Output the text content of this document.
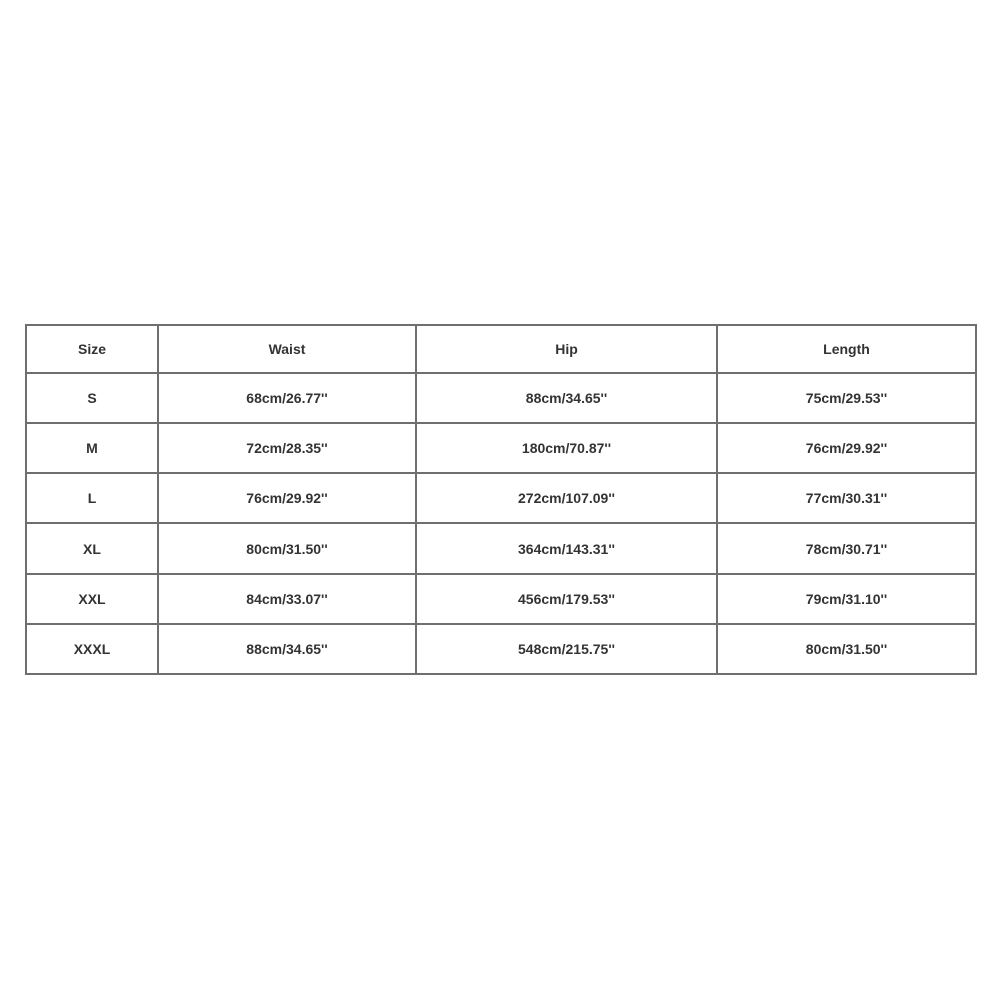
Size	Waist	Hip	Length
S	68cm/26.77''	88cm/34.65''	75cm/29.53''
M	72cm/28.35''	180cm/70.87''	76cm/29.92''
L	76cm/29.92''	272cm/107.09''	77cm/30.31''
XL	80cm/31.50''	364cm/143.31''	78cm/30.71''
XXL	84cm/33.07''	456cm/179.53''	79cm/31.10''
XXXL	88cm/34.65''	548cm/215.75''	80cm/31.50''
